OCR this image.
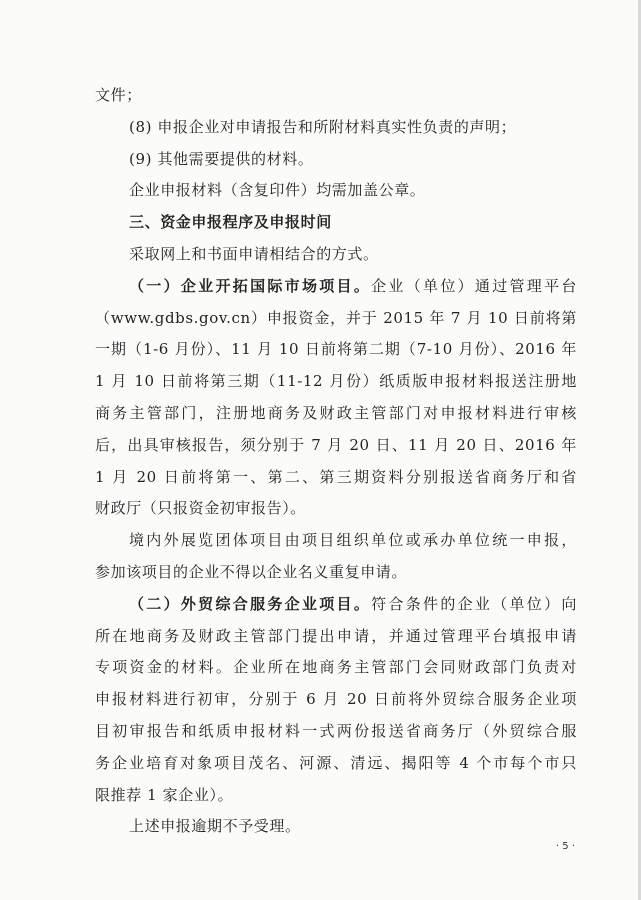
文件；
(8) 申报企业对申请报告和所附材料真实性负责的声明；
(9) 其他需要提供的材料。
企业申报材料（含复印件）均需加盖公章。
三、资金申报程序及申报时间
采取网上和书面申请相结合的方式。
（一）企业开拓国际市场项目。企业（单位）通过管理平台
（www.gdbs.gov.cn）申报资金，并于 2015 年 7 月 10 日前将第
一期（1-6 月份）、11 月 10 日前将第二期（7-10 月份）、2016 年
1 月 10 日前将第三期（11-12 月份）纸质版申报材料报送注册地
商务主管部门，注册地商务及财政主管部门对申报材料进行审核
后，出具审核报告，须分别于 7 月 20 日、11 月 20 日、2016 年
1 月 20 日前将第一、第二、第三期资料分别报送省商务厅和省
财政厅（只报资金初审报告）。
境内外展览团体项目由项目组织单位或承办单位统一申报，
参加该项目的企业不得以企业名义重复申请。
（二）外贸综合服务企业项目。符合条件的企业（单位）向
所在地商务及财政主管部门提出申请，并通过管理平台填报申请
专项资金的材料。企业所在地商务主管部门会同财政部门负责对
申报材料进行初审，分别于 6 月 20 日前将外贸综合服务企业项
目初审报告和纸质申报材料一式两份报送省商务厅（外贸综合服
务企业培育对象项目茂名、河源、清远、揭阳等 4 个市每个市只
限推荐 1 家企业）。
上述申报逾期不予受理。
· 5 ·
